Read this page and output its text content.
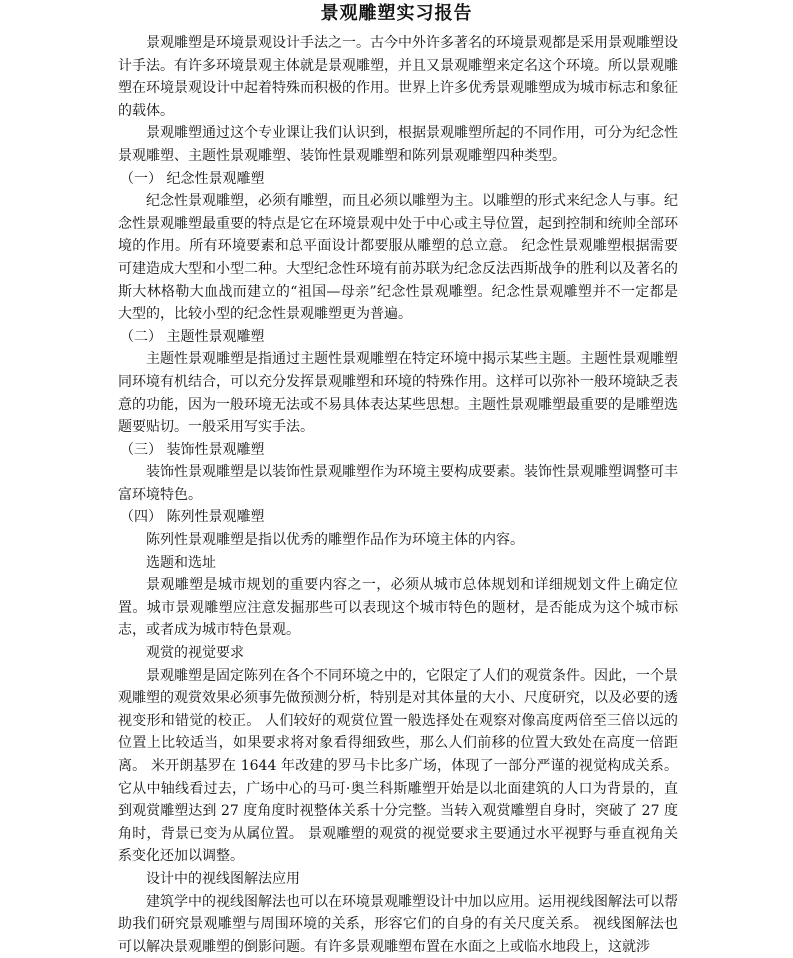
景观雕塑实习报告

景观雕塑是环境景观设计手法之一。古今中外许多著名的环境景观都是采用景观雕塑设计手法。有许多环境景观主体就是景观雕塑，并且又景观雕塑来定名这个环境。所以景观雕塑在环境景观设计中起着特殊而积极的作用。世界上许多优秀景观雕塑成为城市标志和象征的载体。

景观雕塑通过这个专业课让我们认识到，根据景观雕塑所起的不同作用，可分为纪念性景观雕塑、主题性景观雕塑、装饰性景观雕塑和陈列景观雕塑四种类型。

（一） 纪念性景观雕塑

纪念性景观雕塑，必须有雕塑，而且必须以雕塑为主。以雕塑的形式来纪念人与事。纪念性景观雕塑最重要的特点是它在环境景观中处于中心或主导位置，起到控制和统帅全部环境的作用。所有环境要素和总平面设计都要服从雕塑的总立意。 纪念性景观雕塑根据需要可建造成大型和小型二种。大型纪念性环境有前苏联为纪念反法西斯战争的胜利以及著名的斯大林格勒大血战而建立的“祖国—母亲”纪念性景观雕塑。纪念性景观雕塑并不一定都是大型的，比较小型的纪念性景观雕塑更为普遍。

（二） 主题性景观雕塑

主题性景观雕塑是指通过主题性景观雕塑在特定环境中揭示某些主题。主题性景观雕塑同环境有机结合，可以充分发挥景观雕塑和环境的特殊作用。这样可以弥补一般环境缺乏表意的功能，因为一般环境无法或不易具体表达某些思想。主题性景观雕塑最重要的是雕塑选题要贴切。一般采用写实手法。

（三） 装饰性景观雕塑

装饰性景观雕塑是以装饰性景观雕塑作为环境主要构成要素。装饰性景观雕塑调整可丰富环境特色。

（四） 陈列性景观雕塑

陈列性景观雕塑是指以优秀的雕塑作品作为环境主体的内容。

选题和选址

景观雕塑是城市规划的重要内容之一，必须从城市总体规划和详细规划文件上确定位置。城市景观雕塑应注意发掘那些可以表现这个城市特色的题材，是否能成为这个城市标志，或者成为城市特色景观。

观赏的视觉要求

景观雕塑是固定陈列在各个不同环境之中的，它限定了人们的观赏条件。因此，一个景观雕塑的观赏效果必须事先做预测分析，特别是对其体量的大小、尺度研究，以及必要的透视变形和错觉的校正。 人们较好的观赏位置一般选择处在观察对像高度两倍至三倍以远的位置上比较适当，如果要求将对象看得细致些，那么人们前移的位置大致处在高度一倍距离。 米开朗基罗在 1644 年改建的罗马卡比多广场，体现了一部分严谨的视觉构成关系。它从中轴线看过去，广场中心的马可·奥兰科斯雕塑开始是以北面建筑的人口为背景的，直到观赏雕塑达到 27 度角度时视整体关系十分完整。当转入观赏雕塑自身时，突破了 27 度角时，背景已变为从属位置。 景观雕塑的观赏的视觉要求主要通过水平视野与垂直视角关系变化还加以调整。

设计中的视线图解法应用

建筑学中的视线图解法也可以在环境景观雕塑设计中加以应用。运用视线图解法可以帮助我们研究景观雕塑与周围环境的关系，形容它们的自身的有关尺度关系。 视线图解法也可以解决景观雕塑的倒影问题。有许多景观雕塑布置在水面之上或临水地段上，这就涉
